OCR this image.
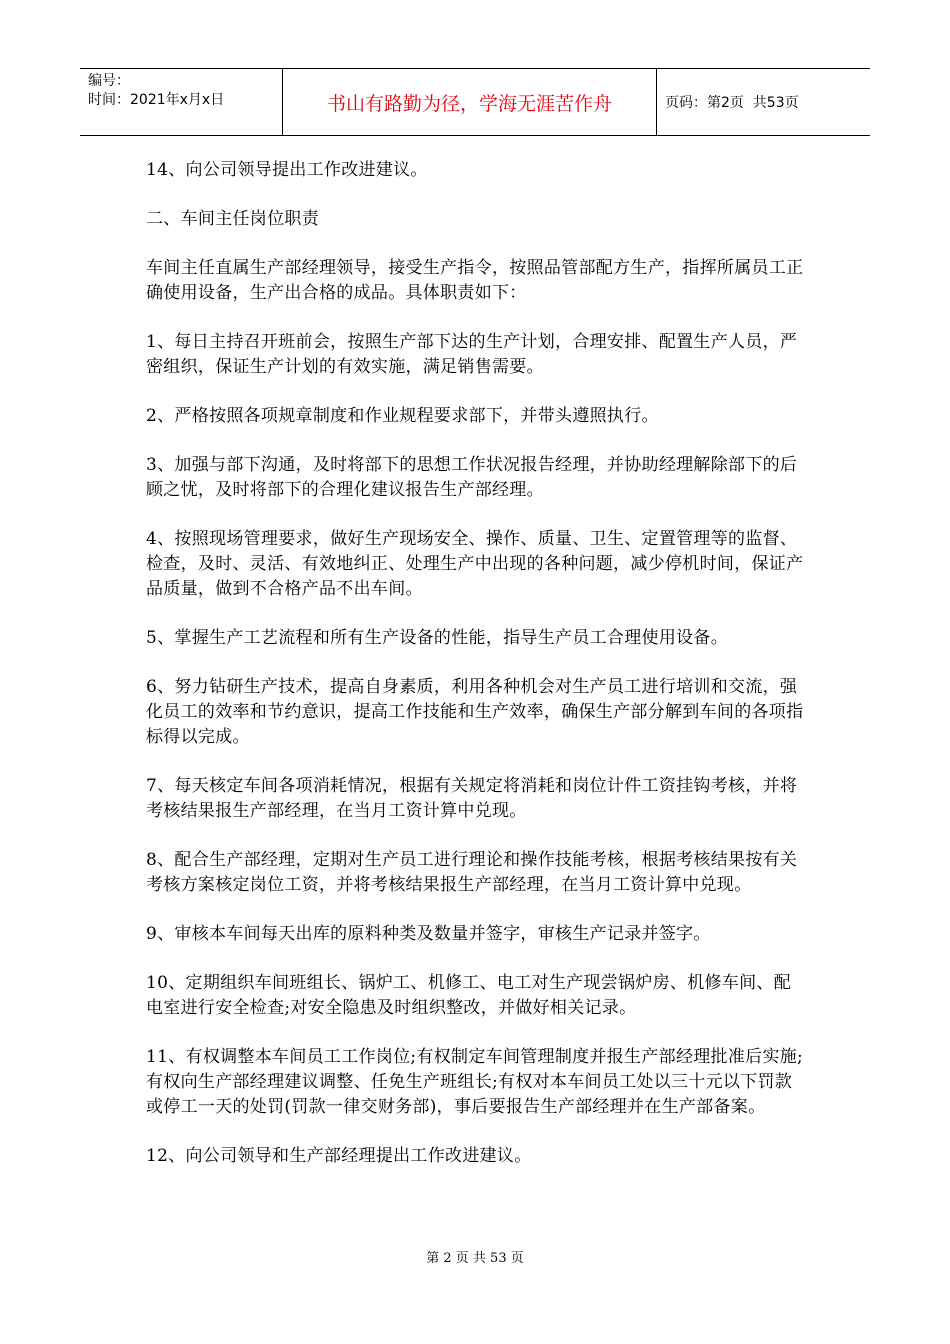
编号：
时间：2021年x月x日	书山有路勤为径，学海无涯苦作舟	页码：第2页  共53页

14、向公司领导提出工作改进建议。

二、车间主任岗位职责

车间主任直属生产部经理领导，接受生产指令，按照品管部配方生产，指挥所属员工正确使用设备，生产出合格的成品。具体职责如下：

1、每日主持召开班前会，按照生产部下达的生产计划，合理安排、配置生产人员，严密组织，保证生产计划的有效实施，满足销售需要。

2、严格按照各项规章制度和作业规程要求部下，并带头遵照执行。

3、加强与部下沟通，及时将部下的思想工作状况报告经理，并协助经理解除部下的后顾之忧，及时将部下的合理化建议报告生产部经理。

4、按照现场管理要求，做好生产现场安全、操作、质量、卫生、定置管理等的监督、检查，及时、灵活、有效地纠正、处理生产中出现的各种问题，减少停机时间，保证产品质量，做到不合格产品不出车间。

5、掌握生产工艺流程和所有生产设备的性能，指导生产员工合理使用设备。

6、努力钻研生产技术，提高自身素质，利用各种机会对生产员工进行培训和交流，强化员工的效率和节约意识，提高工作技能和生产效率，确保生产部分解到车间的各项指标得以完成。

7、每天核定车间各项消耗情况，根据有关规定将消耗和岗位计件工资挂钩考核，并将考核结果报生产部经理，在当月工资计算中兑现。

8、配合生产部经理，定期对生产员工进行理论和操作技能考核，根据考核结果按有关考核方案核定岗位工资，并将考核结果报生产部经理，在当月工资计算中兑现。

9、审核本车间每天出库的原料种类及数量并签字，审核生产记录并签字。

10、定期组织车间班组长、锅炉工、机修工、电工对生产现尝锅炉房、机修车间、配电室进行安全检查;对安全隐患及时组织整改，并做好相关记录。

11、有权调整本车间员工工作岗位;有权制定车间管理制度并报生产部经理批准后实施;有权向生产部经理建议调整、任免生产班组长;有权对本车间员工处以三十元以下罚款或停工一天的处罚(罚款一律交财务部)，事后要报告生产部经理并在生产部备案。

12、向公司领导和生产部经理提出工作改进建议。

第 2 页 共 53 页
